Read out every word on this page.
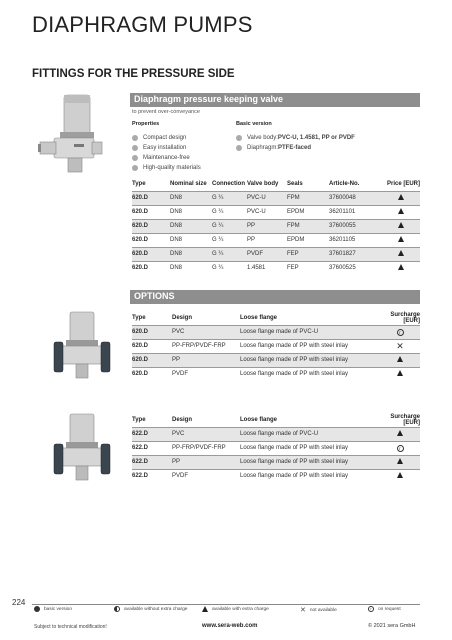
DIAPHRAGM PUMPS
FITTINGS FOR THE PRESSURE SIDE
Diaphragm pressure keeping valve
to prevent over-conveyance
Properties	Basic version
Compact design
Easy installation
Maintenance-free
High-quality materials
Valve body: PVC-U, 1.4581, PP or PVDF
Diaphragm: PTFE-faced
Type	Nominal size	Connection	Valve body	Seals	Article-No.	Price [EUR]
620.D	DN8	G ¼	PVC-U	FPM	37600048	
620.D	DN8	G ¼	PVC-U	EPDM	36201101	
620.D	DN8	G ¼	PP	FPM	37600055	
620.D	DN8	G ¼	PP	EPDM	36201105	
620.D	DN8	G ¼	PVDF	FEP	37601827	
620.D	DN8	G ¼	1.4581	FEP	37600525	
OPTIONS
Type	Design	Loose flange	Surcharge [EUR]
620.D	PVC	Loose flange made of PVC-U	r
620.D	PP-FRP/PVDF-FRP	Loose flange made of PP with steel inlay	✕
620.D	PP	Loose flange made of PP with steel inlay	
620.D	PVDF	Loose flange made of PP with steel inlay	
Type	Design	Loose flange	Surcharge [EUR]
622.D	PVC	Loose flange made of PVC-U	
622.D	PP-FRP/PVDF-FRP	Loose flange made of PP with steel inlay	r
622.D	PP	Loose flange made of PP with steel inlay	
622.D	PVDF	Loose flange made of PP with steel inlay	
224
basic version	available without extra charge	available with extra charge	✕ not available	r	on request
Subject to technical modification!	www.sera-web.com	© 2021 sera GmbH
